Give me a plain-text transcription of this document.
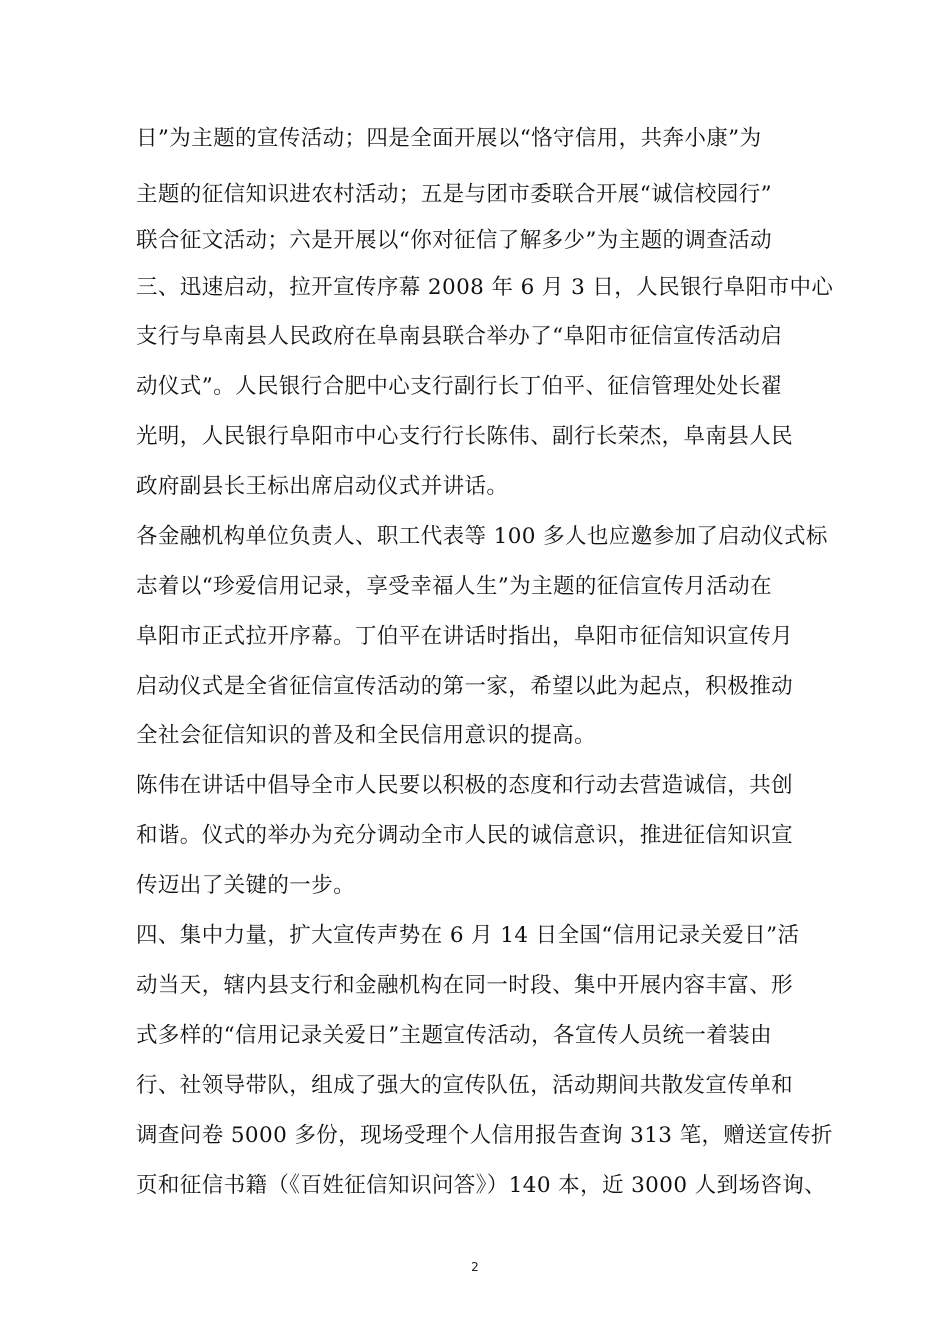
日”为主题的宣传活动；四是全面开展以“恪守信用，共奔小康”为
主题的征信知识进农村活动；五是与团市委联合开展“诚信校园行”
联合征文活动；六是开展以“你对征信了解多少”为主题的调查活动
三、迅速启动，拉开宣传序幕 2008 年 6 月 3 日，人民银行阜阳市中心
支行与阜南县人民政府在阜南县联合举办了“阜阳市征信宣传活动启
动仪式”。人民银行合肥中心支行副行长丁伯平、征信管理处处长翟
光明，人民银行阜阳市中心支行行长陈伟、副行长荣杰，阜南县人民
政府副县长王标出席启动仪式并讲话。
各金融机构单位负责人、职工代表等 100 多人也应邀参加了启动仪式标
志着以“珍爱信用记录，享受幸福人生”为主题的征信宣传月活动在
阜阳市正式拉开序幕。丁伯平在讲话时指出，阜阳市征信知识宣传月
启动仪式是全省征信宣传活动的第一家，希望以此为起点，积极推动
全社会征信知识的普及和全民信用意识的提高。
陈伟在讲话中倡导全市人民要以积极的态度和行动去营造诚信，共创
和谐。仪式的举办为充分调动全市人民的诚信意识，推进征信知识宣
传迈出了关键的一步。
四、集中力量，扩大宣传声势在 6 月 14 日全国“信用记录关爱日”活
动当天，辖内县支行和金融机构在同一时段、集中开展内容丰富、形
式多样的“信用记录关爱日”主题宣传活动，各宣传人员统一着装由
行、社领导带队，组成了强大的宣传队伍，活动期间共散发宣传单和
调查问卷 5000 多份，现场受理个人信用报告查询 313 笔，赠送宣传折
页和征信书籍（《百姓征信知识问答》）140 本，近 3000 人到场咨询、
2
